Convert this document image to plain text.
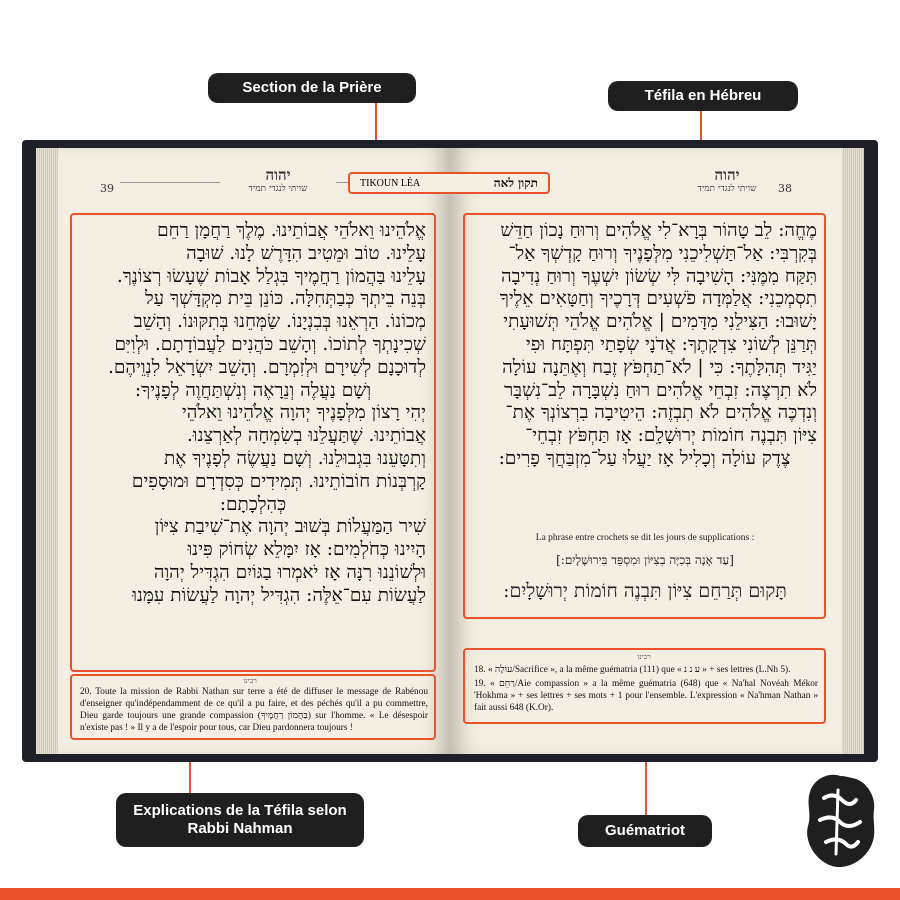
Section de la Prière	Téfila en Hébreu
Explications de la Téfila selon Rabbi Nahman	Guématriot
39
יהוה
שויתי לנגדי תמיד
יהוה
שויתי לנגדי תמיד	38
TIKOUN LÉA	תקון לאה

אֱלֹהֵינוּ וֵאלֹהֵי אֲבוֹתֵינוּ. מֶלֶךְ רַחֲמָן רַחֵם

עָלֵינוּ. טוֹב וּמֵטִיב הִדָּרֶשׁ לָנוּ. שׁוּבָה

עָלֵינוּ בַּהֲמוֹן רַחֲמֶיךָ בִּגְלַל אָבוֹת שֶׁעָשׂוּ רְצוֹנֶךָ.

בְּנֵה בֵיתְךָ כְּבַתְּחִלָּה. כּוֹנֵן בֵּית מִקְדָּשְׁךָ עַל

מְכוֹנוֹ. הַרְאֵנוּ בְּבִנְיָנוֹ. שַׂמְּחֵנוּ בְּתִקּוּנוֹ. וְהָשֵׁב

שְׁכִינָתְךָ לְתוֹכוֹ. וְהָשֵׁב כֹּהֲנִים לַעֲבוֹדָתָם. וּלְוִיִּם

לְדוּכָנָם לְשִׁירָם וּלְזִמְרָם. וְהָשֵׁב יִשְׂרָאֵל לִנְוֵיהֶם.

וְשָׁם נַעֲלֶה וְנֵרָאֶה וְנִשְׁתַּחֲוֶה לְפָנֶיךָ:

יְהִי רָצוֹן מִלְּפָנֶיךָ יְהוָה אֱלֹהֵינוּ וֵאלֹהֵי

אֲבוֹתֵינוּ. שֶׁתַּעֲלֵנוּ בְשִׂמְחָה לְאַרְצֵנוּ.

וְתִטָּעֵנוּ בִּגְבוּלֵנוּ. וְשָׁם נַעֲשֶׂה לְפָנֶיךָ אֶת

קָרְבְּנוֹת חוֹבוֹתֵינוּ. תְּמִידִים כְּסִדְרָם וּמוּסָפִים

כְּהִלְכָתָם:

שִׁיר הַמַּעֲלוֹת בְּשׁוּב יְהוָה אֶת־שִׁיבַת צִיּוֹן

הָיִינוּ כְּחֹלְמִים: אָז יִמָּלֵא שְׂחוֹק פִּינוּ

וּלְשׁוֹנֵנוּ רִנָּה אָז יֹאמְרוּ בַגּוֹיִם הִגְדִּיל יְהוָה

לַעֲשׂוֹת עִם־אֵלֶּה: הִגְדִּיל יְהוָה לַעֲשׂוֹת עִמָּנוּ

רבינו
20. Toute la mission de Rabbi Nathan sur terre a été de diffuser le message de Rabénou d'enseigner qu'indépendamment de ce qu'il a pu faire, et des péchés qu'il a pu commettre, Dieu garde toujours une grande compassion (בַּהֲמוֹן רַחֲמֶיךָ) sur l'homme. « Le désespoir n'existe pas ! » Il y a de l'espoir pour tous, car Dieu pardonnera toujours !

מֶחֱה: לֵב טָהוֹר בְּרָא־לִי אֱלֹהִים וְרוּחַ נָכוֹן חַדֵּשׁ

בְּקִרְבִּי: אַל־תַּשְׁלִיכֵנִי מִלְּפָנֶיךָ וְרוּחַ קָדְשְׁךָ אַל־

תִּקַּח מִמֶּנִּי: הָשִׁיבָה לִּי שְׂשׂוֹן יִשְׁעֶךָ וְרוּחַ נְדִיבָה

תִסְמְכֵנִי: אֲלַמְּדָה פֹשְׁעִים דְּרָכֶיךָ וְחַטָּאִים אֵלֶיךָ

יָשׁוּבוּ: הַצִּילֵנִי מִדָּמִים | אֱלֹהִים אֱלֹהֵי תְּשׁוּעָתִי

תְּרַנֵּן לְשׁוֹנִי צִדְקָתֶךָ: אֲדֹנָי שְׂפָתַי תִּפְתָּח וּפִי

יַגִּיד תְּהִלָּתֶךָ: כִּי | לֹא־תַחְפֹּץ זֶבַח וְאֶתֵּנָה עוֹלָה

לֹא תִרְצֶה: זִבְחֵי אֱלֹהִים רוּחַ נִשְׁבָּרָה לֵב־נִשְׁבָּר

וְנִדְכֶּה אֱלֹהִים לֹא תִבְזֶה: הֵיטִיבָה בִרְצוֹנְךָ אֶת־

צִיּוֹן תִּבְנֶה חוֹמוֹת יְרוּשָׁלִָם: אָז תַּחְפֹּץ זִבְחֵי־

צֶדֶק עוֹלָה וְכָלִיל אָז יַעֲלוּ עַל־מִזְבַּחֲךָ פָרִים:

La phrase entre crochets se dit les jours de supplications :
[עַד אָנָה בְּכִיָּה בְצִיּוֹן וּמִסְפֵּד בִּירוּשָׁלָיִם:]
תָּקוּם תְּרַחֵם צִיּוֹן תִּבְנֶה חוֹמוֹת יְרוּשָׁלָיִם:
רבינו
18. « עוֹלָה/Sacrifice », a la même guématria (111) que « ע נ נ » + ses lettres (L.Nh 5).
19. « רַחֵם/Aie compassion » a la même guématria (648) que « Na'hal Novéah Mékor 'Hokhma » + ses lettres + ses mots + 1 pour l'ensemble. L'expression « Na'hman Nathan » fait aussi 648 (K.Or).
